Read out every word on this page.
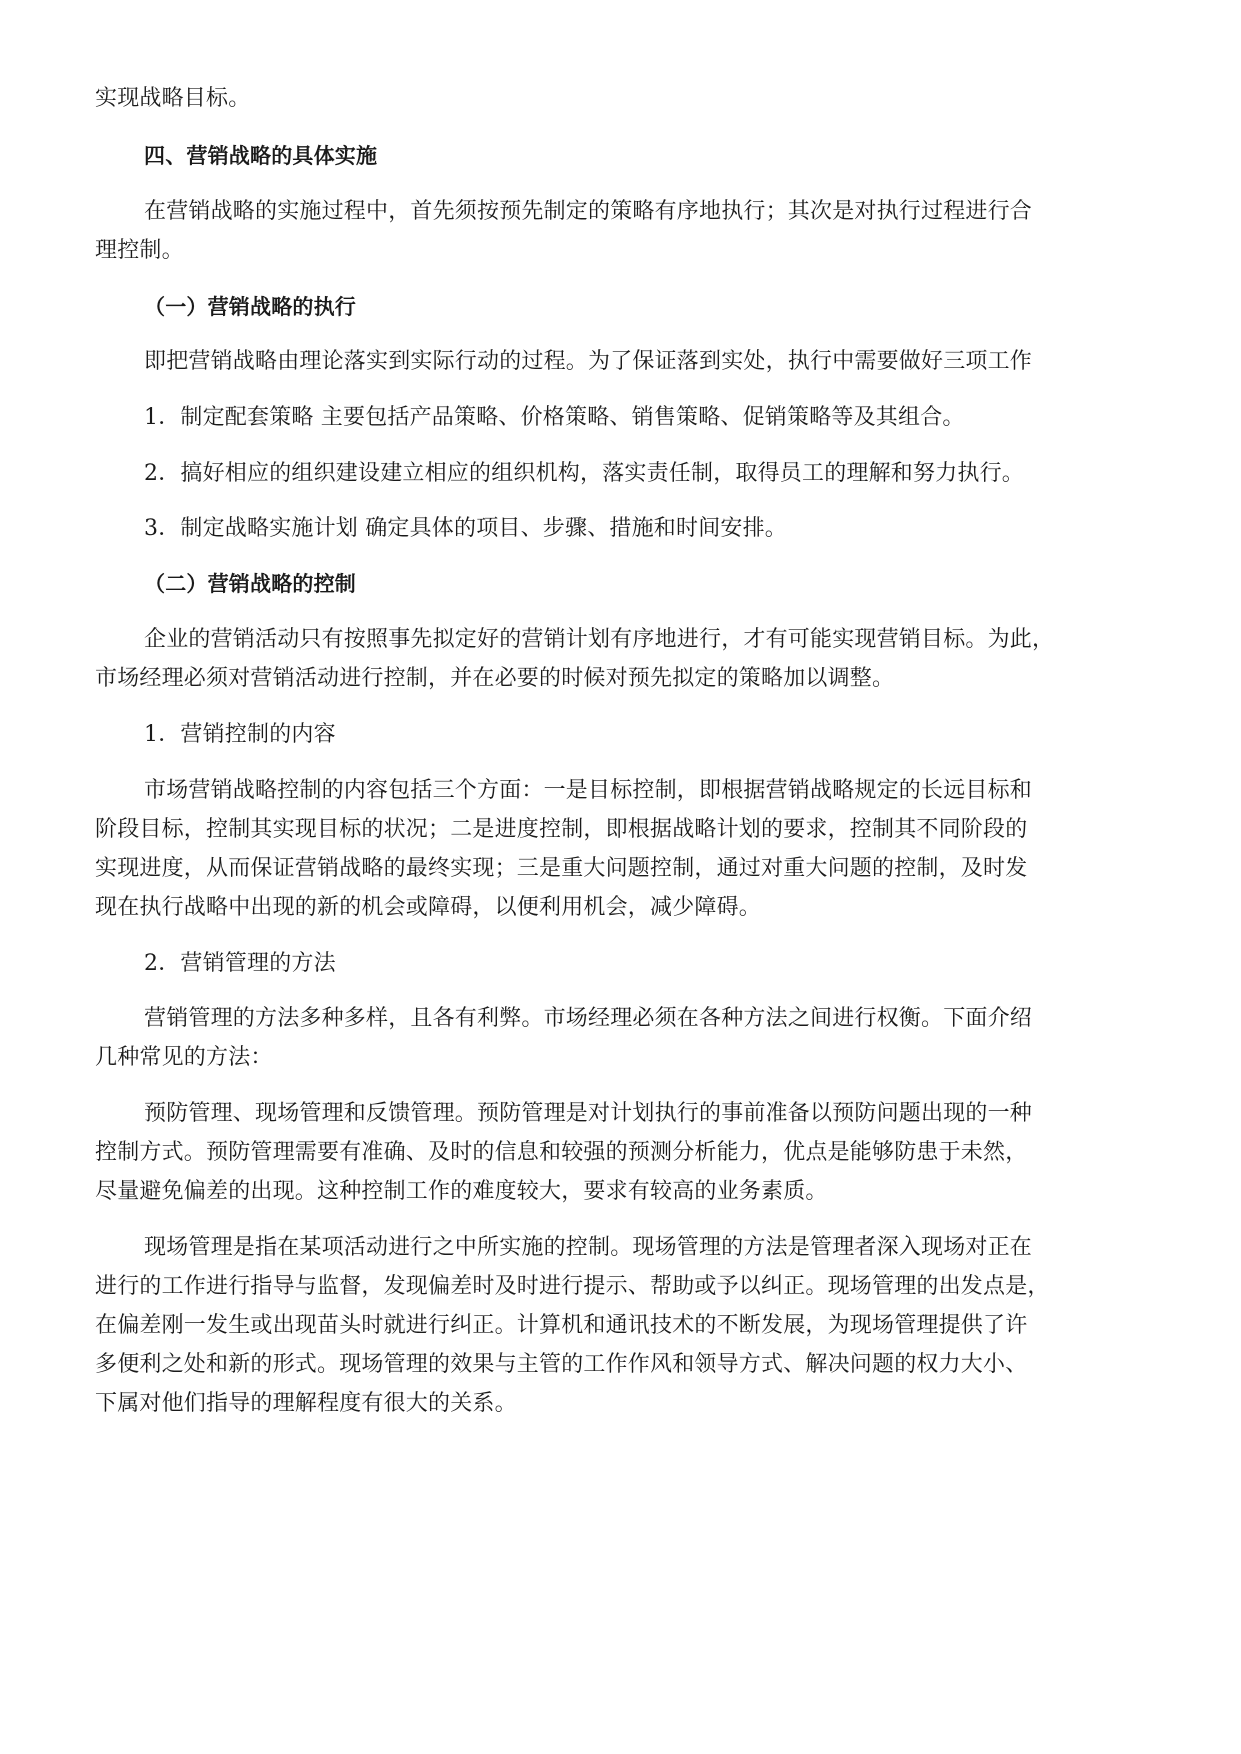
实现战略目标。
四、营销战略的具体实施
在营销战略的实施过程中，首先须按预先制定的策略有序地执行；其次是对执行过程进行合
理控制。
（一）营销战略的执行
即把营销战略由理论落实到实际行动的过程。为了保证落到实处，执行中需要做好三项工作
1．制定配套策略 主要包括产品策略、价格策略、销售策略、促销策略等及其组合。
2．搞好相应的组织建设建立相应的组织机构，落实责任制，取得员工的理解和努力执行。
3．制定战略实施计划 确定具体的项目、步骤、措施和时间安排。
（二）营销战略的控制
企业的营销活动只有按照事先拟定好的营销计划有序地进行，才有可能实现营销目标。为此，
市场经理必须对营销活动进行控制，并在必要的时候对预先拟定的策略加以调整。
1．营销控制的内容
市场营销战略控制的内容包括三个方面：一是目标控制，即根据营销战略规定的长远目标和
阶段目标，控制其实现目标的状况；二是进度控制，即根据战略计划的要求，控制其不同阶段的
实现进度，从而保证营销战略的最终实现；三是重大问题控制，通过对重大问题的控制，及时发
现在执行战略中出现的新的机会或障碍，以便利用机会，减少障碍。
2．营销管理的方法
营销管理的方法多种多样，且各有利弊。市场经理必须在各种方法之间进行权衡。下面介绍
几种常见的方法：
预防管理、现场管理和反馈管理。预防管理是对计划执行的事前准备以预防问题出现的一种
控制方式。预防管理需要有准确、及时的信息和较强的预测分析能力，优点是能够防患于未然，
尽量避免偏差的出现。这种控制工作的难度较大，要求有较高的业务素质。
现场管理是指在某项活动进行之中所实施的控制。现场管理的方法是管理者深入现场对正在
进行的工作进行指导与监督，发现偏差时及时进行提示、帮助或予以纠正。现场管理的出发点是，
在偏差刚一发生或出现苗头时就进行纠正。计算机和通讯技术的不断发展，为现场管理提供了许
多便利之处和新的形式。现场管理的效果与主管的工作作风和领导方式、解决问题的权力大小、
下属对他们指导的理解程度有很大的关系。
